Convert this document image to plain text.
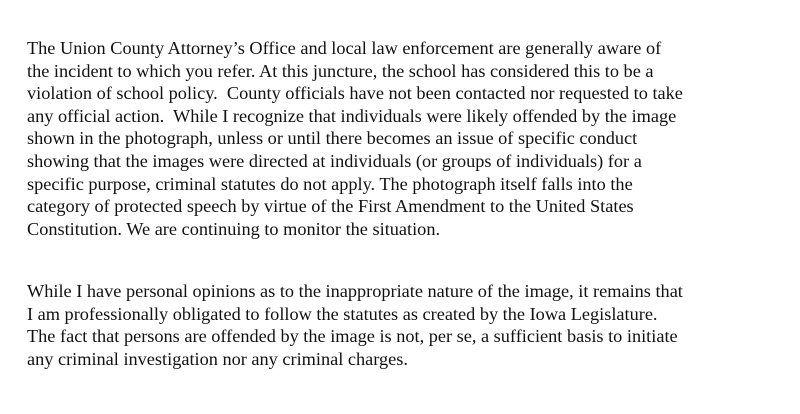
The Union County Attorney’s Office and local law enforcement are generally aware of
the incident to which you refer. At this juncture, the school has considered this to be a
violation of school policy.  County officials have not been contacted nor requested to take
any official action.  While I recognize that individuals were likely offended by the image
shown in the photograph, unless or until there becomes an issue of specific conduct
showing that the images were directed at individuals (or groups of individuals) for a
specific purpose, criminal statutes do not apply. The photograph itself falls into the
category of protected speech by virtue of the First Amendment to the United States
Constitution. We are continuing to monitor the situation.

While I have personal opinions as to the inappropriate nature of the image, it remains that
I am professionally obligated to follow the statutes as created by the Iowa Legislature.
The fact that persons are offended by the image is not, per se, a sufficient basis to initiate
any criminal investigation nor any criminal charges.
